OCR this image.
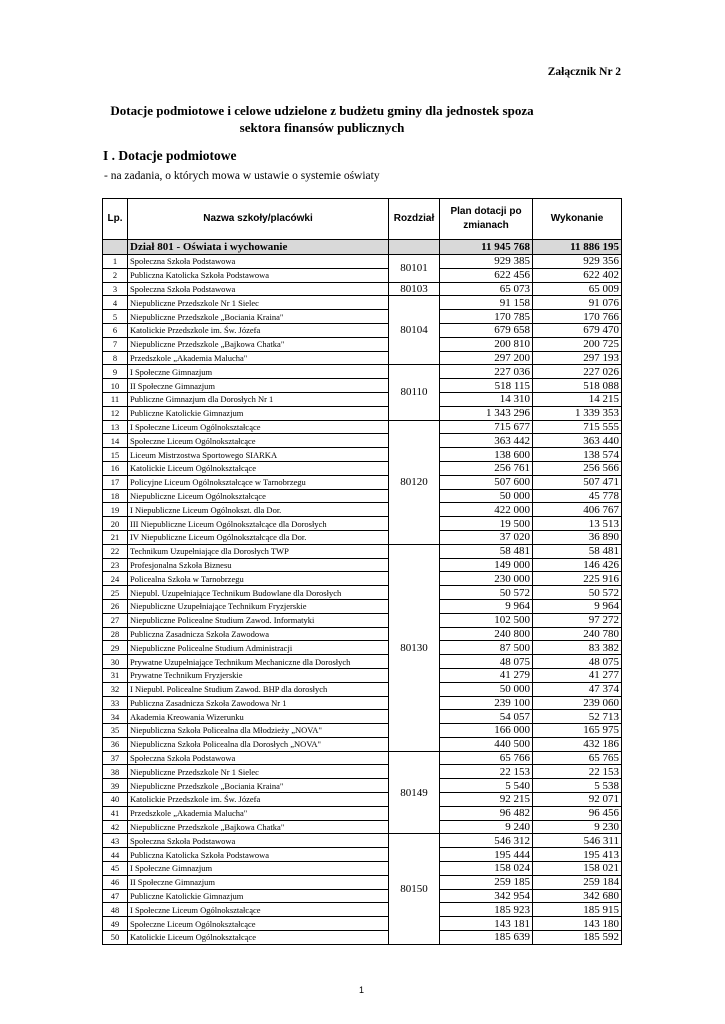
Załącznik Nr 2
Dotacje podmiotowe i celowe udzielone z budżetu gminy dla jednostek spoza
sektora finansów publicznych
I . Dotacje podmiotowe
- na zadania, o których mowa w ustawie o systemie oświaty
Lp.	Nazwa szkoły/placówki	Rozdział	Plan dotacji po zmianach	Wykonanie
	Dział 801 - Oświata i wychowanie		11 945 768	11 886 195
1	Społeczna Szkoła Podstawowa	80101	929 385	929 356
2	Publiczna Katolicka Szkoła Podstawowa		622 456	622 402
3	Społeczna Szkoła Podstawowa	80103	65 073	65 009
4	Niepubliczne Przedszkole Nr 1 Sielec	80104	91 158	91 076
5	Niepubliczne Przedszkole „Bociania Kraina"		170 785	170 766
6	Katolickie Przedszkole im. Św. Józefa		679 658	679 470
7	Niepubliczne Przedszkole „Bajkowa Chatka"		200 810	200 725
8	Przedszkole „Akademia Malucha"		297 200	297 193
9	I Społeczne Gimnazjum	80110	227 036	227 026
10	II Społeczne Gimnazjum		518 115	518 088
11	Publiczne Gimnazjum dla Dorosłych Nr 1		14 310	14 215
12	Publiczne Katolickie Gimnazjum		1 343 296	1 339 353
13	I Społeczne Liceum Ogólnokształcące	80120	715 677	715 555
14	Społeczne Liceum Ogólnokształcące		363 442	363 440
15	Liceum Mistrzostwa Sportowego SIARKA		138 600	138 574
16	Katolickie Liceum Ogólnokształcące		256 761	256 566
17	Policyjne Liceum Ogólnokształcące w Tarnobrzegu		507 600	507 471
18	Niepubliczne Liceum Ogólnokształcące		50 000	45 778
19	I Niepubliczne Liceum Ogólnokszt. dla Dor.		422 000	406 767
20	III Niepubliczne Liceum Ogólnokształcące dla Dorosłych		19 500	13 513
21	IV Niepubliczne Liceum Ogólnokształcące dla Dor.		37 020	36 890
22	Technikum Uzupełniające dla Dorosłych TWP	80130	58 481	58 481
23	Profesjonalna Szkoła Biznesu		149 000	146 426
24	Policealna Szkoła w Tarnobrzegu		230 000	225 916
25	Niepubl. Uzupełniające Technikum Budowlane dla Dorosłych		50 572	50 572
26	Niepubliczne Uzupełniające Technikum Fryzjerskie		9 964	9 964
27	Niepubliczne Policealne Studium Zawod. Informatyki		102 500	97 272
28	Publiczna Zasadnicza Szkoła Zawodowa		240 800	240 780
29	Niepubliczne Policealne Studium Administracji		87 500	83 382
30	Prywatne Uzupełniające Technikum Mechaniczne dla Dorosłych		48 075	48 075
31	Prywatne Technikum Fryzjerskie		41 279	41 277
32	I Niepubl. Policealne Studium Zawod. BHP dla dorosłych		50 000	47 374
33	Publiczna Zasadnicza Szkoła Zawodowa Nr 1		239 100	239 060
34	Akademia Kreowania Wizerunku		54 057	52 713
35	Niepubliczna Szkoła Policealna dla Młodzieży „NOVA"		166 000	165 975
36	Niepubliczna Szkoła Policealna dla Dorosłych „NOVA"		440 500	432 186
37	Społeczna Szkoła Podstawowa	80149	65 766	65 765
38	Niepubliczne Przedszkole Nr 1 Sielec		22 153	22 153
39	Niepubliczne Przedszkole „Bociania Kraina"		5 540	5 538
40	Katolickie Przedszkole im. Św. Józefa		92 215	92 071
41	Przedszkole „Akademia Malucha"		96 482	96 456
42	Niepubliczne Przedszkole „Bajkowa Chatka"		9 240	9 230
43	Społeczna Szkoła Podstawowa	80150	546 312	546 311
44	Publiczna Katolicka Szkoła Podstawowa		195 444	195 413
45	I Społeczne Gimnazjum		158 024	158 021
46	II Społeczne Gimnazjum		259 185	259 184
47	Publiczne Katolickie Gimnazjum		342 954	342 680
48	I Społeczne Liceum Ogólnokształcące		185 923	185 915
49	Społeczne Liceum Ogólnokształcące		143 181	143 180
50	Katolickie Liceum Ogólnokształcące		185 639	185 592
1
